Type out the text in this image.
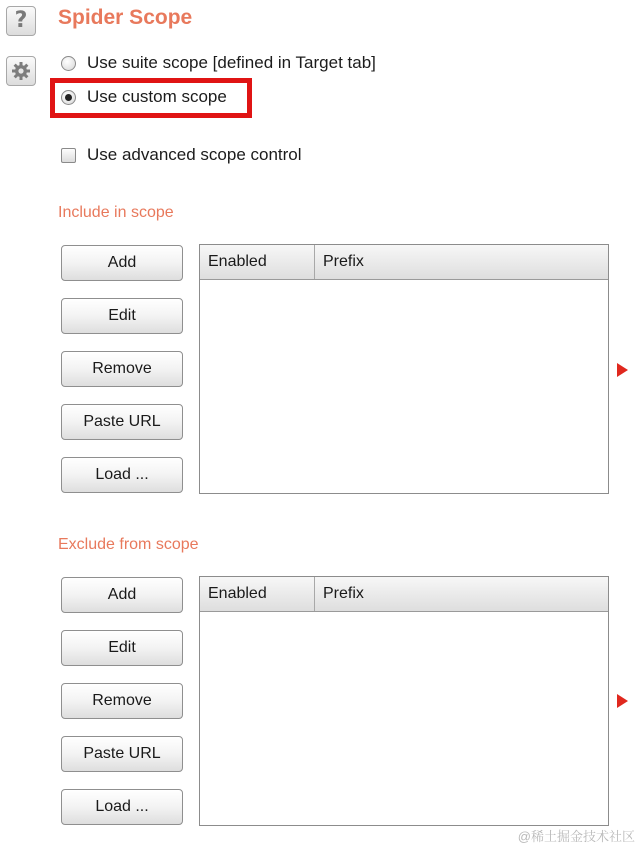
? Spider Scope
Use suite scope [defined in Target tab]
Use custom scope
Use advanced scope control
Include in scope
Add
Edit
Remove
Paste URL
Load ...
Enabled	Prefix
Exclude from scope
Add
Edit
Remove
Paste URL
Load ...
Enabled	Prefix
@稀土掘金技术社区
